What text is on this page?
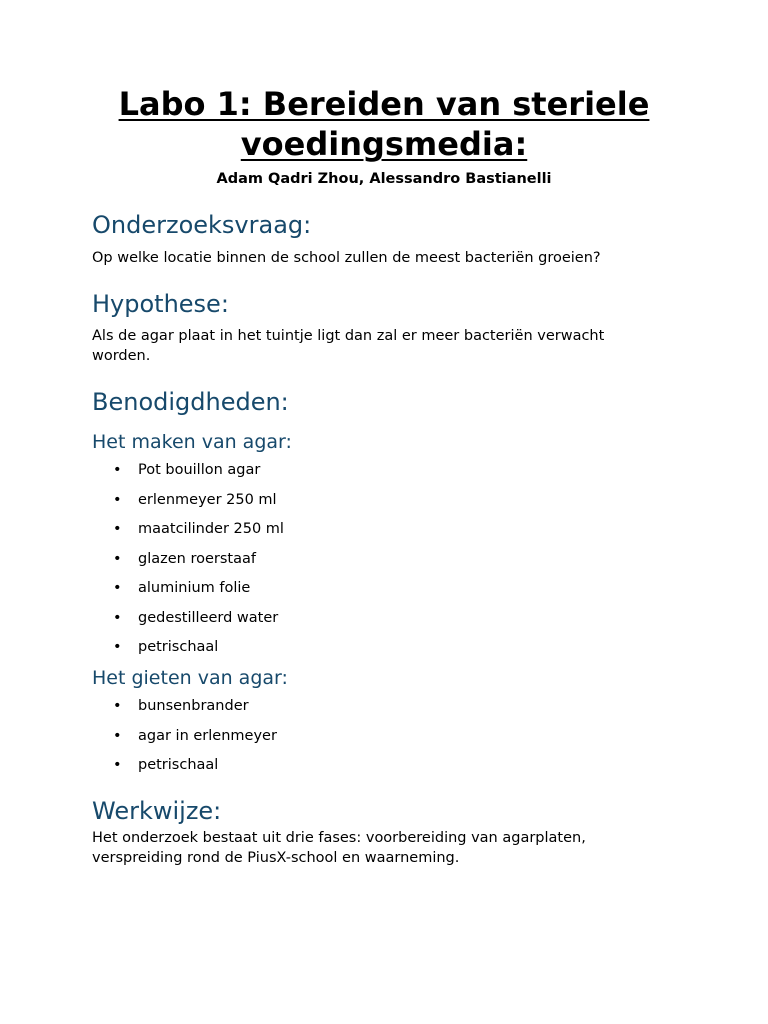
Labo 1: Bereiden van steriele voedingsmedia:
Adam Qadri Zhou, Alessandro Bastianelli
Onderzoeksvraag:

Op welke locatie binnen de school zullen de meest bacteriën groeien?

Hypothese:

Als de agar plaat in het tuintje ligt dan zal er meer bacteriën verwacht worden.

Benodigdheden:
Het maken van agar:
• Pot bouillon agar
• erlenmeyer 250 ml
• maatcilinder 250 ml
• glazen roerstaaf
• aluminium folie
• gedestilleerd water
• petrischaal
Het gieten van agar:
• bunsenbrander
• agar in erlenmeyer
• petrischaal
Werkwijze:

Het onderzoek bestaat uit drie fases: voorbereiding van agarplaten, verspreiding rond de PiusX-school en waarneming.
